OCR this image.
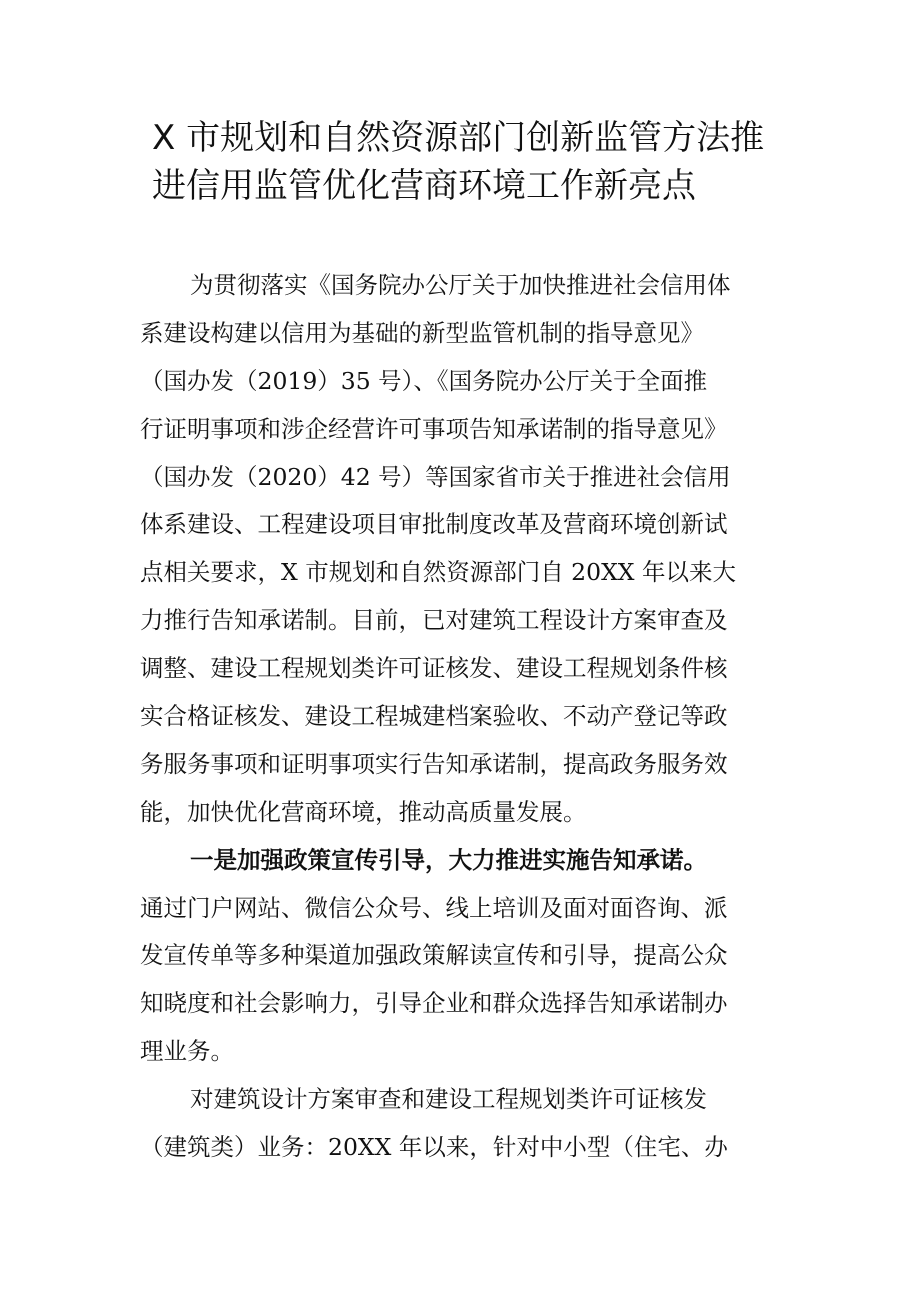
X 市规划和自然资源部门创新监管方法推
进信用监管优化营商环境工作新亮点
为贯彻落实《国务院办公厅关于加快推进社会信用体
系建设构建以信用为基础的新型监管机制的指导意见》
（国办发（2019）35 号）、《国务院办公厅关于全面推
行证明事项和涉企经营许可事项告知承诺制的指导意见》
（国办发（2020）42 号）等国家省市关于推进社会信用
体系建设、工程建设项目审批制度改革及营商环境创新试
点相关要求，X 市规划和自然资源部门自 20XX 年以来大
力推行告知承诺制。目前，已对建筑工程设计方案审查及
调整、建设工程规划类许可证核发、建设工程规划条件核
实合格证核发、建设工程城建档案验收、不动产登记等政
务服务事项和证明事项实行告知承诺制，提高政务服务效
能，加快优化营商环境，推动高质量发展。
一是加强政策宣传引导，大力推进实施告知承诺。
通过门户网站、微信公众号、线上培训及面对面咨询、派
发宣传单等多种渠道加强政策解读宣传和引导，提高公众
知晓度和社会影响力，引导企业和群众选择告知承诺制办
理业务。
对建筑设计方案审查和建设工程规划类许可证核发
（建筑类）业务：20XX 年以来，针对中小型（住宅、办
